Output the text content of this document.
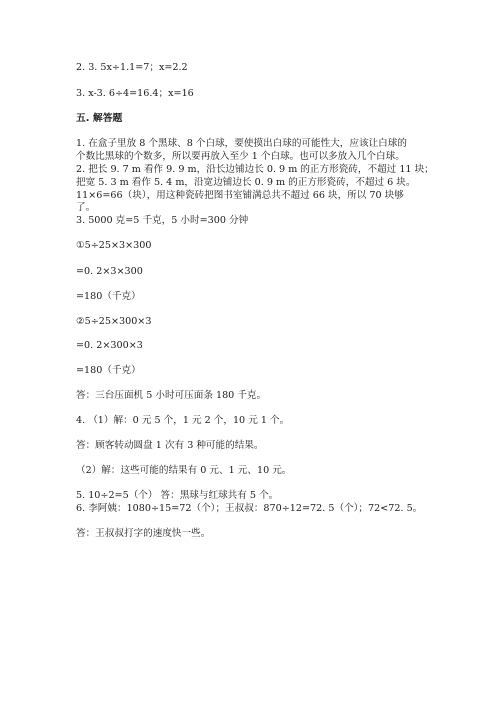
2. 3. 5x÷1.1=7；x=2.2
3. x-3. 6÷4=16.4；x=16
五. 解答题
1. 在盒子里放 8 个黑球、8 个白球，要使摸出白球的可能性大，应该让白球的
个数比黑球的个数多，所以要再放入至少 1 个白球。也可以多放入几个白球。
2. 把长 9. 7 m 看作 9. 9 m，沿长边铺边长 0. 9 m 的正方形瓷砖，不超过 11 块；
把宽 5. 3 m 看作 5. 4 m，沿宽边铺边长 0. 9 m 的正方形瓷砖，不超过 6 块。
11×6=66（块），用这种瓷砖把图书室铺满总共不超过 66 块，所以 70 块够
了。
3. 5000 克=5 千克，5 小时=300 分钟
①5÷25×3×300
=0. 2×3×300
=180（千克）
②5÷25×300×3
=0. 2×300×3
=180（千克）
答：三台压面机 5 小时可压面条 180 千克。
4. （1）解：0 元 5 个，1 元 2 个，10 元 1 个。
答：顾客转动圆盘 1 次有 3 种可能的结果。
（2）解：这些可能的结果有 0 元、1 元、10 元。
5. 10÷2=5（个） 答：黑球与红球共有 5 个。
6. 李阿姨：1080÷15=72（个）；王叔叔：870÷12=72. 5（个）；72<72. 5。
答：王叔叔打字的速度快一些。
